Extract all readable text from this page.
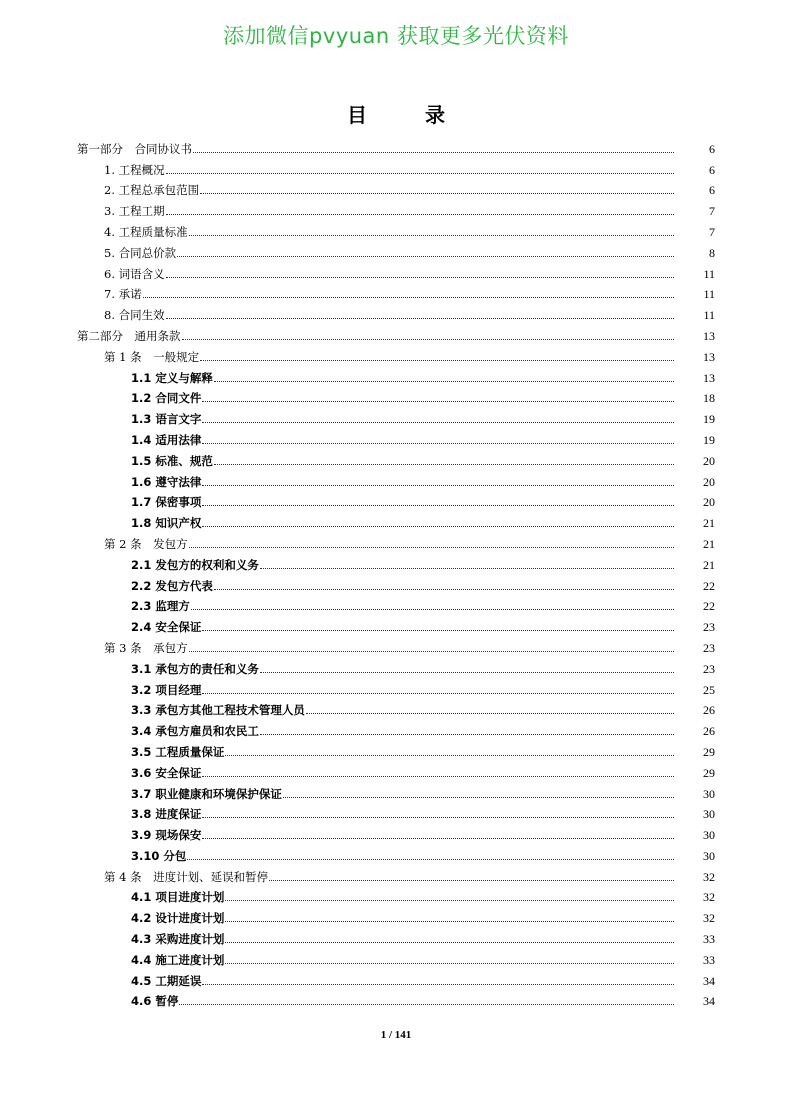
添加微信pvyuan 获取更多光伏资料
目录
第一部分　合同协议书	6
1. 工程概况	6
2. 工程总承包范围	6
3. 工程工期	7
4. 工程质量标准	7
5. 合同总价款	8
6. 词语含义	11
7. 承诺	11
8. 合同生效	11
第二部分　通用条款	13
第 1 条　一般规定	13
1.1 定义与解释	13
1.2 合同文件	18
1.3 语言文字	19
1.4 适用法律	19
1.5 标准、规范	20
1.6 遵守法律	20
1.7 保密事项	20
1.8 知识产权	21
第 2 条　发包方	21
2.1 发包方的权利和义务	21
2.2 发包方代表	22
2.3 监理方	22
2.4 安全保证	23
第 3 条　承包方	23
3.1 承包方的责任和义务	23
3.2 项目经理	25
3.3 承包方其他工程技术管理人员	26
3.4 承包方雇员和农民工	26
3.5 工程质量保证	29
3.6 安全保证	29
3.7 职业健康和环境保护保证	30
3.8 进度保证	30
3.9 现场保安	30
3.10 分包	30
第 4 条　进度计划、延误和暂停	32
4.1 项目进度计划	32
4.2 设计进度计划	32
4.3 采购进度计划	33
4.4 施工进度计划	33
4.5 工期延误	34
4.6 暂停	34
1 / 141
